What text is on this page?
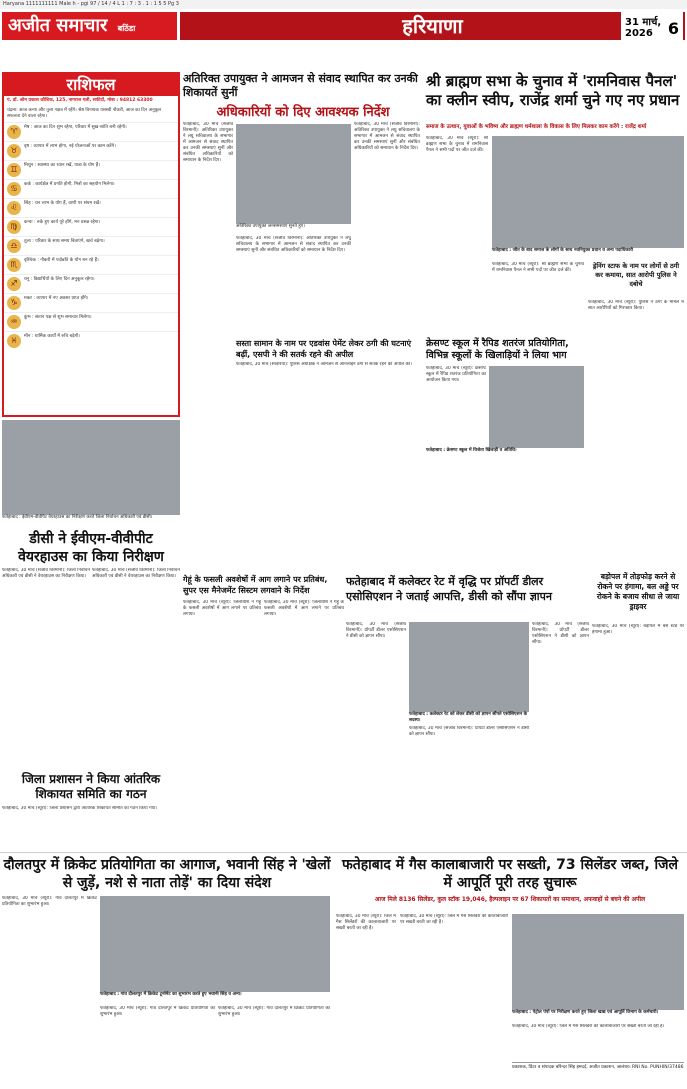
Haryana 1111111111 Male h - pgi 97 / 14 / 4 L 1 : 7 : 3 . 1 : 1 5 5 Pg 3
अजीत समाचार बठिंडा	हरियाणा	31 मार्च, 2026 6
राशिफल
पं. डॉ. ओम प्रकाश कौशिक, 125, नागराज गली, सफीदों, मोबा : 94812 63300
चंद्रमा: आज कन्या और तुला नक्षत्र में रहेंगे। श्रेष्ठ विनायक यशस्वी नौकरी, आज का दिन अनुकूल सफलता देने वाला रहेगा।
♈	मेष : आज का दिन शुभ रहेगा, परिवार में सुख-शांति बनी रहेगी।
♉	वृष : व्यापार में लाभ होगा, नई योजनाओं पर काम करेंगे।
♊	मिथुन : स्वास्थ्य का ध्यान रखें, यात्रा के योग हैं।
♋	कर्क : कार्यक्षेत्र में प्रगति होगी, मित्रों का सहयोग मिलेगा।
♌	सिंह : धन लाभ के योग हैं, वाणी पर संयम रखें।
♍	कन्या : रुके हुए कार्य पूरे होंगे, मन प्रसन्न रहेगा।
♎	तुला : परिवार के साथ समय बिताएंगे, खर्च बढ़ेगा।
♏	वृश्चिक : नौकरी में पदोन्नति के योग बन रहे हैं।
♐	धनु : विद्यार्थियों के लिए दिन अनुकूल रहेगा।
♑	मकर : व्यापार में नए अवसर प्राप्त होंगे।
♒	कुंभ : संतान पक्ष से शुभ समाचार मिलेगा।
♓	मीन : धार्मिक कार्यों में रुचि बढ़ेगी।
अतिरिक्त उपायुक्त ने आमजन से संवाद स्थापित कर उनकी शिकायतें सुनीं
अधिकारियों को दिए आवश्यक निर्देश
अतिरिक्त उपायुक्त जनसमस्याएं सुनते हुए।
फतेहाबाद, 30 मार्च (संजीव विरमानी): अतिरिक्त उपायुक्त ने लघु सचिवालय के सभागार में आमजन से संवाद स्थापित कर उनकी समस्याएं सुनीं और संबंधित अधिकारियों को समाधान के निर्देश दिए।
फतेहाबाद, 30 मार्च (संजीव विरमानी): अतिरिक्त उपायुक्त ने लघु सचिवालय के सभागार में आमजन से संवाद स्थापित कर उनकी समस्याएं सुनीं और संबंधित अधिकारियों को समाधान के निर्देश दिए।
फतेहाबाद, 30 मार्च (संजीव विरमानी): अतिरिक्त उपायुक्त ने लघु सचिवालय के सभागार में आमजन से संवाद स्थापित कर उनकी समस्याएं सुनीं और संबंधित अधिकारियों को समाधान के निर्देश दिए।
श्री ब्राह्मण सभा के चुनाव में 'रामनिवास पैनल' का क्लीन स्वीप, राजेंद्र शर्मा चुने गए नए प्रधान
समाज के उत्थान, युवाओं के भविष्य और ब्राह्मण धर्मशाला के विकास के लिए मिलकर काम करेंगे : राजेंद्र शर्मा
फतेहाबाद : जीत के बाद समाज के लोगों के साथ नवनियुक्त प्रधान व अन्य पदाधिकारी
फतेहाबाद, 30 मार्च (ब्यूरो): श्री ब्राह्मण सभा के चुनाव में रामनिवास पैनल ने सभी पदों पर जीत दर्ज की।
फतेहाबाद, 30 मार्च (ब्यूरो): श्री ब्राह्मण सभा के चुनाव में रामनिवास पैनल ने सभी पदों पर जीत दर्ज की।
ड्रेनिंग स्टाफ के नाम पर लोगों से ठगी कर कमाया, सात आरोपी पुलिस ने दबोचे
फतेहाबाद, 30 मार्च (ब्यूरो): पुलिस ने ठगी के मामले में सात आरोपियों को गिरफ्तार किया।
सस्ता सामान के नाम पर एडवांस पेमेंट लेकर ठगी की घटनाएं बढ़ीं, एसपी ने की सतर्क रहने की अपील
फतेहाबाद, 30 मार्च (सांवरिया): पुलिस अधीक्षक ने आमजन से ऑनलाइन ठगी से सतर्क रहने की अपील की।
क्रेसण्ट स्कूल में रैपिड शतरंज प्रतियोगिता, विभिन्न स्कूलों के खिलाड़ियों ने लिया भाग
फतेहाबाद, 30 मार्च (ब्यूरो): क्रेसण्ट स्कूल में रैपिड शतरंज प्रतियोगिता का आयोजन किया गया।
फतेहाबाद : क्रेसण्ट स्कूल में विजेता खिलाड़ी व अतिथि।
फतेहाबाद : ईवीएम-वीवीपैट वेयरहाउस का निरीक्षण करते जिला निर्वाचन अधिकारी एवं डीसी।
डीसी ने ईवीएम-वीवीपीट वेयरहाउस का किया निरीक्षण
फतेहाबाद, 30 मार्च (संजीव विरमानी): जिला निर्वाचन अधिकारी एवं डीसी ने वेयरहाउस का निरीक्षण किया।
फतेहाबाद, 30 मार्च (संजीव विरमानी): जिला निर्वाचन अधिकारी एवं डीसी ने वेयरहाउस का निरीक्षण किया। गेहूं के फसली अवशेषों में आग लगाने पर प्रतिबंध, सुपर एस मैनेजमेंट सिस्टम लगवाने के निर्देश
फतेहाबाद, 30 मार्च (ब्यूरो): जिलाधीश ने गेहूं के फसली अवशेषों में आग लगाने पर प्रतिबंध लगाया।
फतेहाबाद, 30 मार्च (ब्यूरो): जिलाधीश ने गेहूं के फसली अवशेषों में आग लगाने पर प्रतिबंध लगाया।
जिला प्रशासन ने किया आंतरिक शिकायत समिति का गठन
फतेहाबाद, 30 मार्च (ब्यूरो): जिला प्रशासन द्वारा आंतरिक शिकायत समिति का गठन किया गया।
फतेहाबाद में कलेक्टर रेट में वृद्धि पर प्रॉपर्टी डीलर एसोसिएशन ने जताई आपत्ति, डीसी को सौंपा ज्ञापन
फतेहाबाद, 30 मार्च (संजीव विरमानी): प्रॉपर्टी डीलर एसोसिएशन ने डीसी को ज्ञापन सौंपा।
फतेहाबाद : कलेक्टर रेट को लेकर डीसी को ज्ञापन सौंपते एसोसिएशन के सदस्य।
फतेहाबाद, 30 मार्च (संजीव विरमानी): प्रॉपर्टी डीलर एसोसिएशन ने डीसी को ज्ञापन सौंपा।
फतेहाबाद, 30 मार्च (संजीव विरमानी): प्रॉपर्टी डीलर एसोसिएशन ने डीसी को ज्ञापन सौंपा।
बड़ोपल में तोड़फोड़ करने से रोकने पर हंगामा, बल अड्डे पर रोकने के बजाय सीधा ले जाया ड्राइवर
फतेहाबाद, 30 मार्च (ब्यूरो): बड़ोपल में बस स्टैंड पर हंगामा हुआ।
दौलतपुर में क्रिकेट प्रतियोगिता का आगाज, भवानी सिंह ने 'खेलों से जुड़ें, नशे से नाता तोड़ें' का दिया संदेश
फतेहाबाद, 30 मार्च (ब्यूरो): गांव दौलतपुर में क्रिकेट प्रतियोगिता का शुभारंभ हुआ।
फतेहाबाद : गांव दौलतपुर में क्रिकेट टूर्नामेंट का शुभारंभ करते हुए भवानी सिंह व अन्य।
फतेहाबाद, 30 मार्च (ब्यूरो): गांव दौलतपुर में क्रिकेट प्रतियोगिता का शुभारंभ हुआ।
फतेहाबाद, 30 मार्च (ब्यूरो): गांव दौलतपुर में क्रिकेट प्रतियोगिता का शुभारंभ हुआ।
फतेहाबाद में गैस कालाबाजारी पर सख्ती, 73 सिलेंडर जब्त, जिले में आपूर्ति पूरी तरह सुचारू
आज मिले 8136 सिलेंडर, कुल स्टॉक 19,046, हैल्पलाइन पर 67 शिकायतों का समाधान, अफवाहों से बचने की अपील
फतेहाबाद, 30 मार्च (ब्यूरो): जिले में गैस सिलेंडरों की कालाबाजारी पर सख्ती बरती जा रही है।
फतेहाबाद, 30 मार्च (ब्यूरो): जिले में गैस सिलेंडरों की कालाबाजारी पर सख्ती बरती जा रही है।
फतेहाबाद : पेट्रोल पंपों पर निरीक्षण करते हुए जिला खाद्य एवं आपूर्ति विभाग के कर्मचारी।
फतेहाबाद, 30 मार्च (ब्यूरो): जिले में गैस सिलेंडरों की कालाबाजारी पर सख्ती बरती जा रही है।
प्रकाशक, प्रिंटर व संपादक बरिन्दर सिंह हमदर्द, अजीत प्रकाशन, जालंधर। RNI No. PUNHIN/37486
